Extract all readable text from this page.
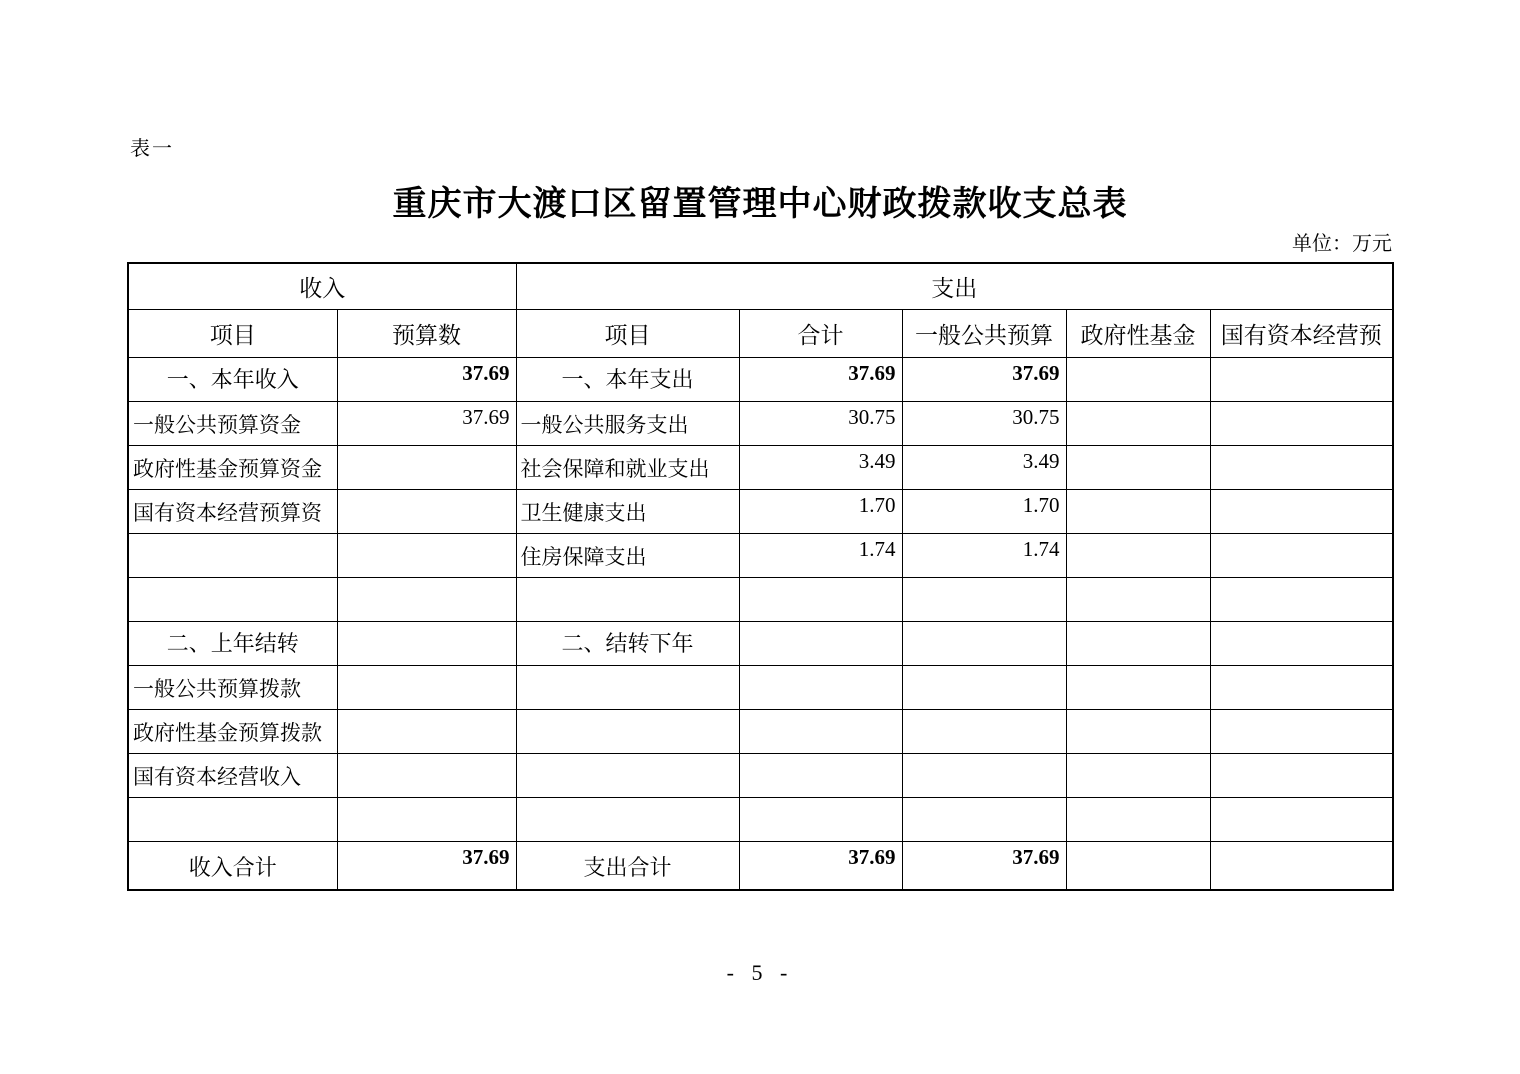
表一
重庆市大渡口区留置管理中心财政拨款收支总表
单位：万元
收入		支出				
项目	预算数	项目	合计	一般公共预算	政府性基金	国有资本经营预
一、本年收入	37.69	一、本年支出	37.69	37.69		
一般公共预算资金	37.69	一般公共服务支出	30.75	30.75		
政府性基金预算资金		社会保障和就业支出	3.49	3.49		
国有资本经营预算资		卫生健康支出	1.70	1.70		
		住房保障支出	1.74	1.74		

二、上年结转		二、结转下年				
一般公共预算拨款						
政府性基金预算拨款						
国有资本经营收入						

收入合计	37.69	支出合计	37.69	37.69		
- 5 -
